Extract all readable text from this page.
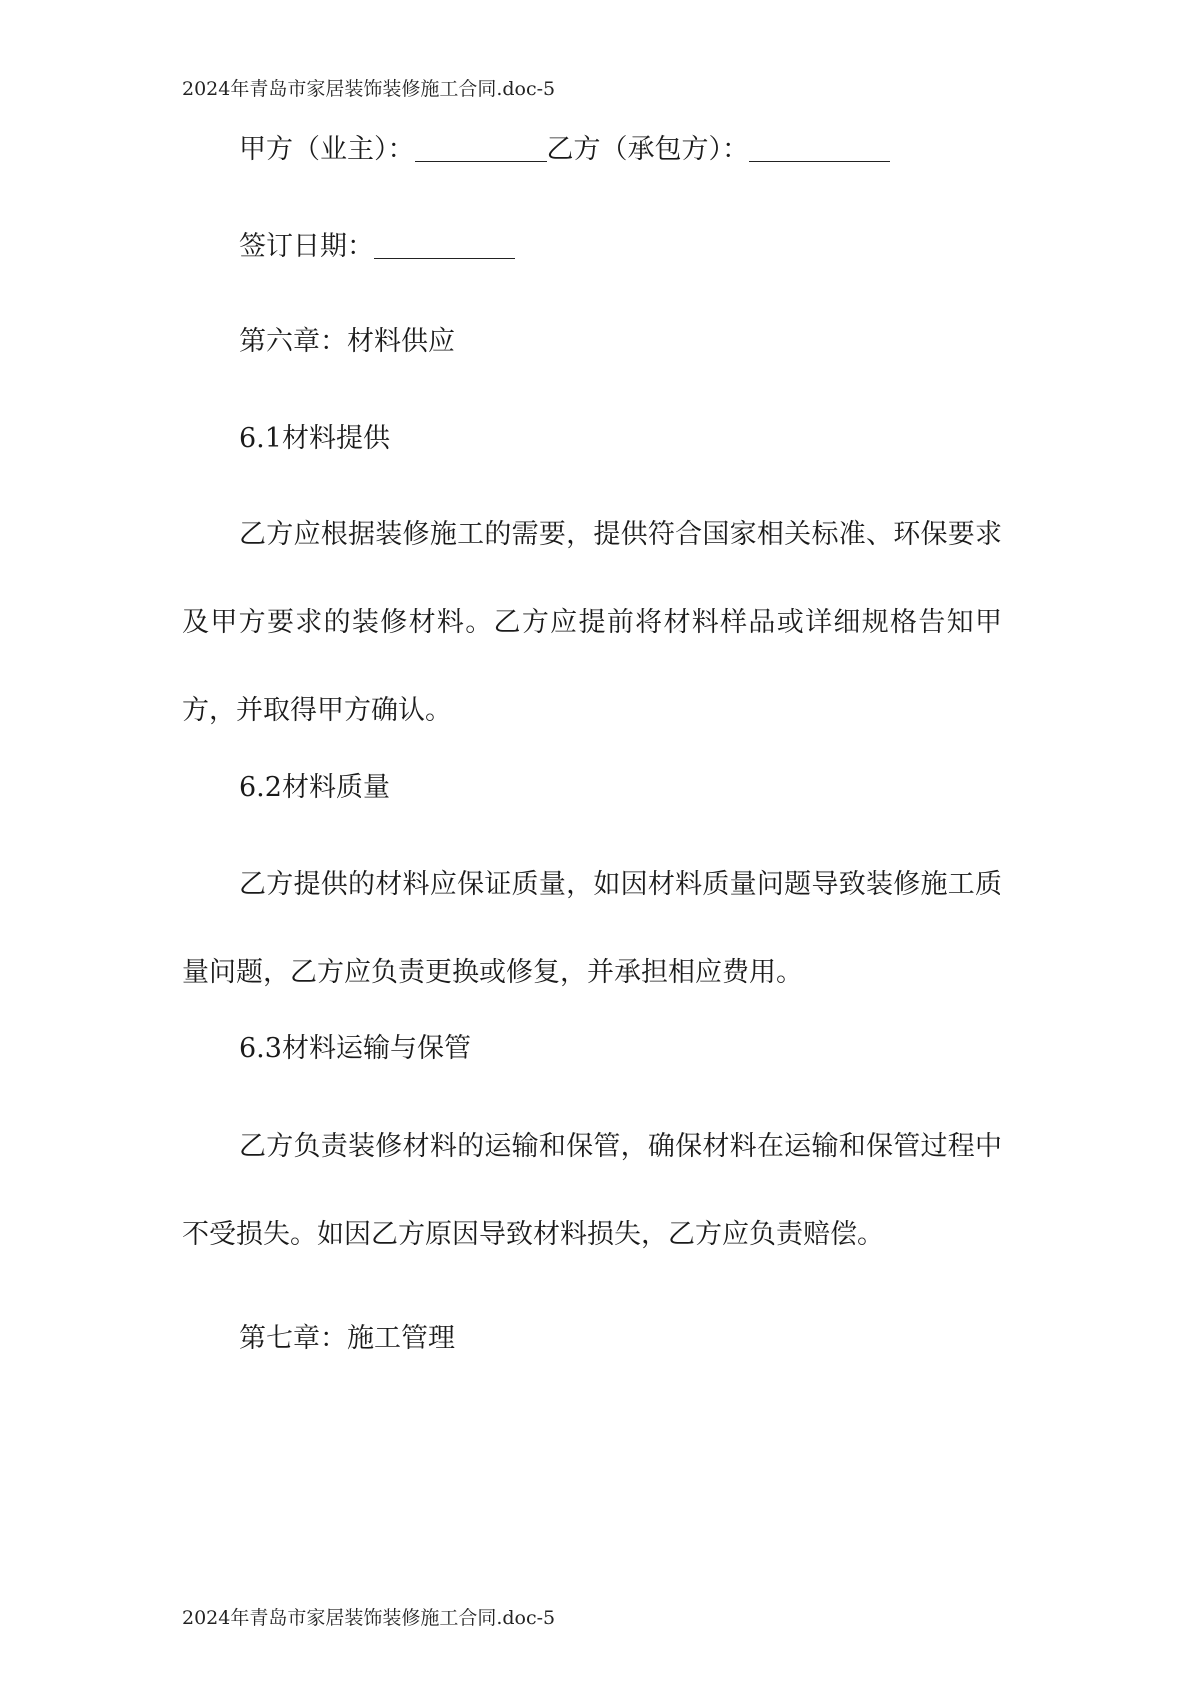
2024年青岛市家居装饰装修施工合同.doc-5
甲方（业主）：	乙方（承包方）：
签订日期：
第六章：材料供应
6.1材料提供
乙方应根据装修施工的需要，提供符合国家相关标准、环保要求及甲方要求的装修材料。乙方应提前将材料样品或详细规格告知甲方，并取得甲方确认。
6.2材料质量
乙方提供的材料应保证质量，如因材料质量问题导致装修施工质量问题，乙方应负责更换或修复，并承担相应费用。
6.3材料运输与保管
乙方负责装修材料的运输和保管，确保材料在运输和保管过程中不受损失。如因乙方原因导致材料损失，乙方应负责赔偿。
第七章：施工管理
2024年青岛市家居装饰装修施工合同.doc-5
